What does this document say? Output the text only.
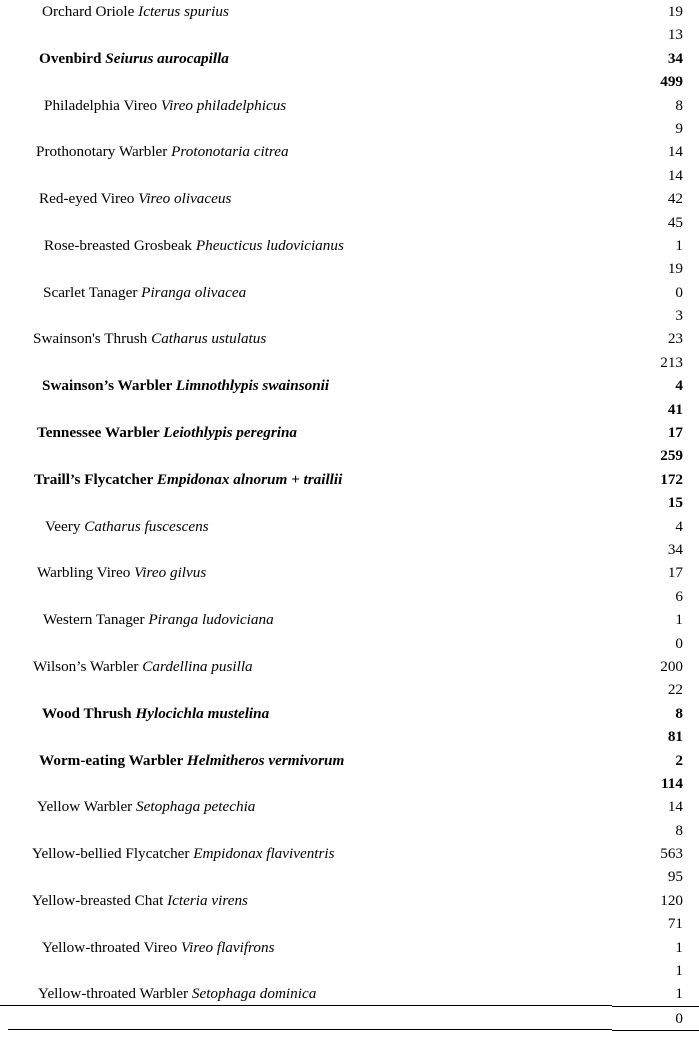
Orchard Oriole Icterus spurius	19

	13

Ovenbird Seiurus aurocapilla	34

	499

Philadelphia Vireo Vireo philadelphicus	8

	9

Prothonotary Warbler Protonotaria citrea	14

	14

Red-eyed Vireo Vireo olivaceus	42

	45

Rose-breasted Grosbeak Pheucticus ludovicianus	1

	19

Scarlet Tanager Piranga olivacea	0

	3

Swainson's Thrush Catharus ustulatus	23

	213

Swainson’s Warbler Limnothlypis swainsonii	4

	41

Tennessee Warbler Leiothlypis peregrina	17

	259

Traill’s Flycatcher Empidonax alnorum + traillii	172

	15

Veery Catharus fuscescens	4

	34

Warbling Vireo Vireo gilvus	17

	6

Western Tanager Piranga ludoviciana	1

	0

Wilson’s Warbler Cardellina pusilla	200

	22

Wood Thrush Hylocichla mustelina	8

	81

Worm-eating Warbler Helmitheros vermivorum	2

	114

Yellow Warbler Setophaga petechia	14

	8

Yellow-bellied Flycatcher Empidonax flaviventris	563

	95

Yellow-breasted Chat Icteria virens	120

	71

Yellow-throated Vireo Vireo flavifrons	1

	1

Yellow-throated Warbler Setophaga dominica	1

	0
